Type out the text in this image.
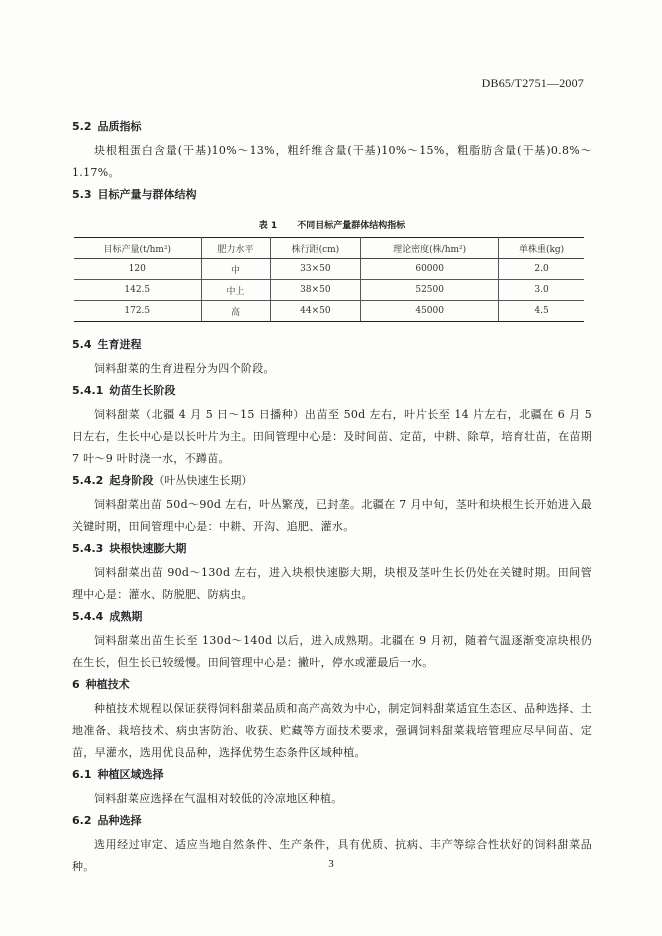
DB65/T2751—2007
5.2 品质指标

块根粗蛋白含量(干基)10%～13%，粗纤维含量(干基)10%～15%，粗脂肪含量(干基)0.8%～1.17%。

5.3 目标产量与群体结构
表 1 不同目标产量群体结构指标
目标产量(t/hm²)	肥力水平	株行距(cm)	理论密度(株/hm²)	单株重(kg)
120	中	33×50	60000	2.0
142.5	中上	38×50	52500	3.0
172.5	高	44×50	45000	4.5
5.4 生育进程

饲料甜菜的生育进程分为四个阶段。

5.4.1 幼苗生长阶段

饲料甜菜（北疆 4 月 5 日～15 日播种）出苗至 50d 左右，叶片长至 14 片左右，北疆在 6 月 5 日左右，生长中心是以长叶片为主。田间管理中心是：及时间苗、定苗，中耕、除草，培育壮苗，在苗期 7 叶～9 叶时浇一水，不蹲苗。

5.4.2 起身阶段（叶丛快速生长期）

饲料甜菜出苗 50d～90d 左右，叶丛繁茂，已封垄。北疆在 7 月中旬，茎叶和块根生长开始进入最关键时期，田间管理中心是：中耕、开沟、追肥、灌水。

5.4.3 块根快速膨大期

饲料甜菜出苗 90d～130d 左右，进入块根快速膨大期，块根及茎叶生长仍处在关键时期。田间管理中心是：灌水、防脱肥、防病虫。

5.4.4 成熟期

饲料甜菜出苗生长至 130d～140d 以后，进入成熟期。北疆在 9 月初，随着气温逐渐变凉块根仍在生长，但生长已较缓慢。田间管理中心是：撇叶，停水或灌最后一水。

6 种植技术

种植技术规程以保证获得饲料甜菜品质和高产高效为中心，制定饲料甜菜适宜生态区、品种选择、土地准备、栽培技术、病虫害防治、收获、贮藏等方面技术要求，强调饲料甜菜栽培管理应尽早间苗、定苗，早灌水，选用优良品种，选择优势生态条件区域种植。

6.1 种植区域选择

饲料甜菜应选择在气温相对较低的冷凉地区种植。

6.2 品种选择

选用经过审定、适应当地自然条件、生产条件，具有优质、抗病、丰产等综合性状好的饲料甜菜品种。	3
